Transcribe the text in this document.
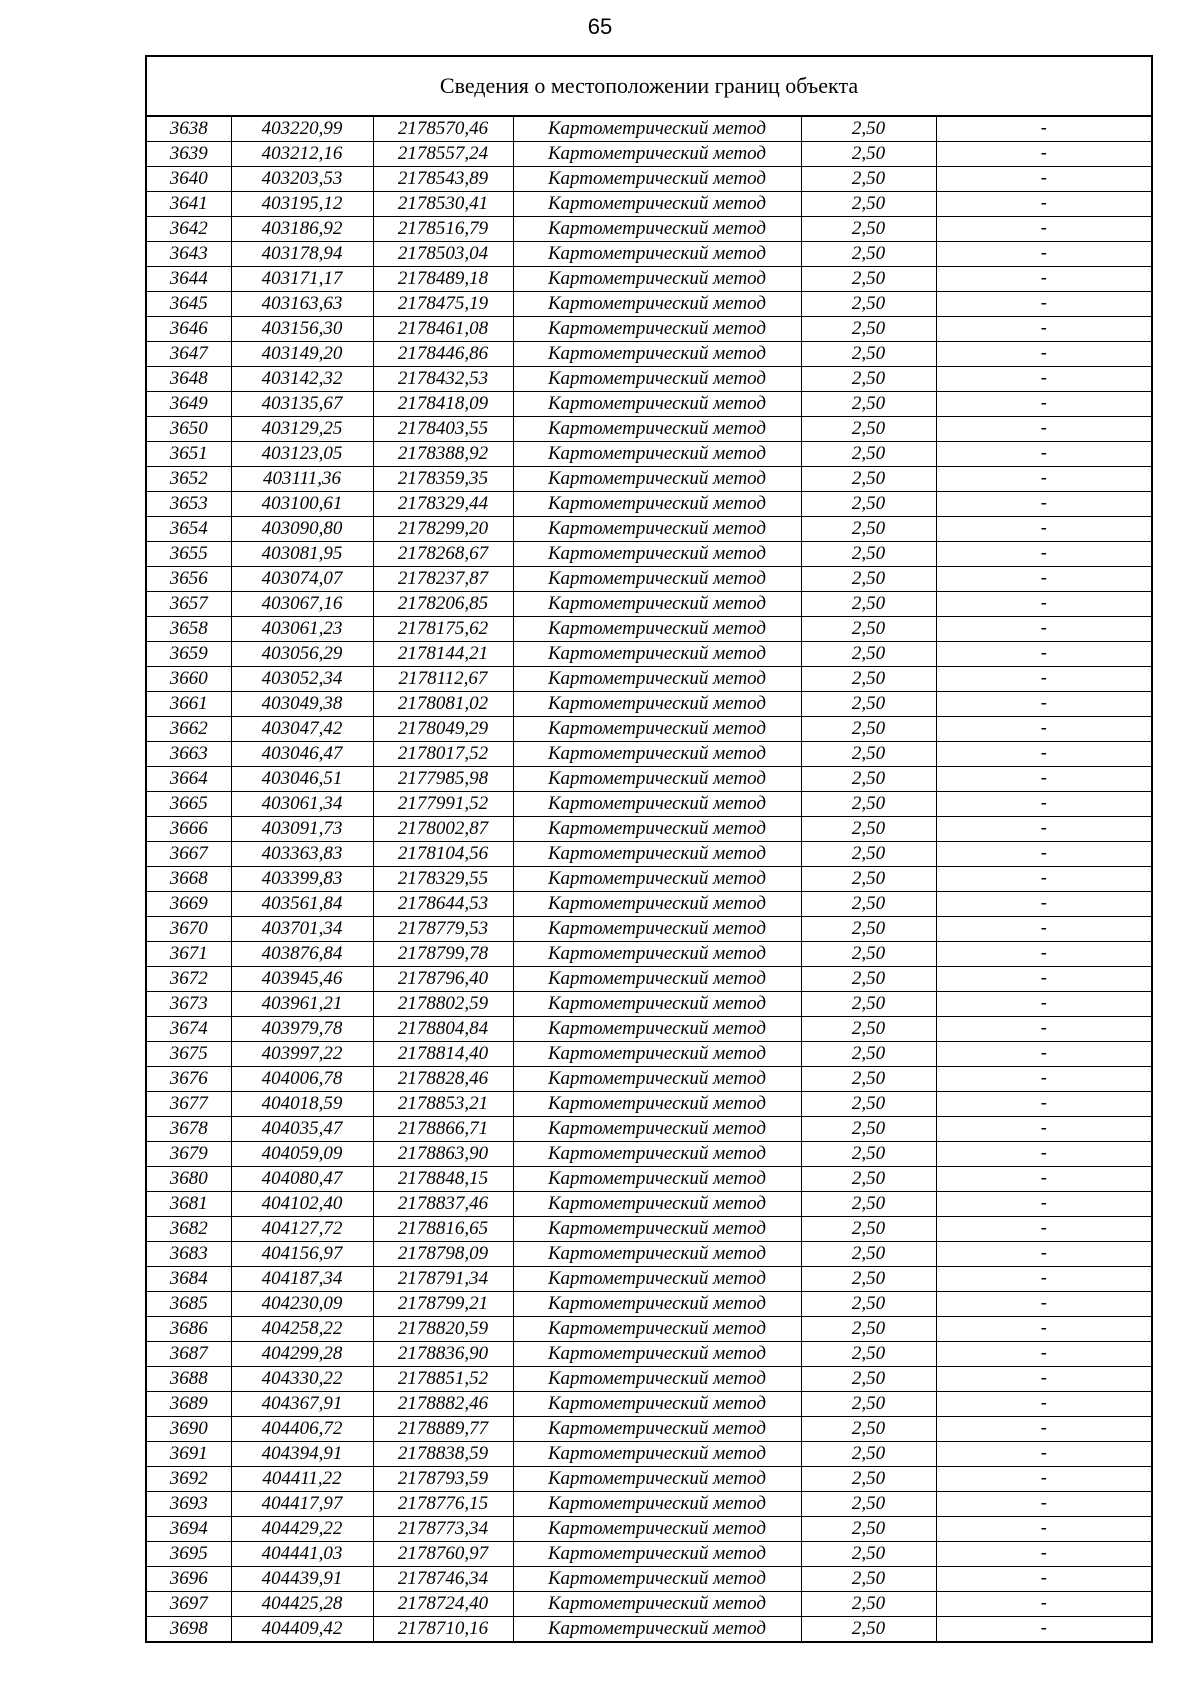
65
Сведения о местоположении границ объекта
3638	403220,99	2178570,46	Картометрический метод	2,50	-
3639	403212,16	2178557,24	Картометрический метод	2,50	-
3640	403203,53	2178543,89	Картометрический метод	2,50	-
3641	403195,12	2178530,41	Картометрический метод	2,50	-
3642	403186,92	2178516,79	Картометрический метод	2,50	-
3643	403178,94	2178503,04	Картометрический метод	2,50	-
3644	403171,17	2178489,18	Картометрический метод	2,50	-
3645	403163,63	2178475,19	Картометрический метод	2,50	-
3646	403156,30	2178461,08	Картометрический метод	2,50	-
3647	403149,20	2178446,86	Картометрический метод	2,50	-
3648	403142,32	2178432,53	Картометрический метод	2,50	-
3649	403135,67	2178418,09	Картометрический метод	2,50	-
3650	403129,25	2178403,55	Картометрический метод	2,50	-
3651	403123,05	2178388,92	Картометрический метод	2,50	-
3652	403111,36	2178359,35	Картометрический метод	2,50	-
3653	403100,61	2178329,44	Картометрический метод	2,50	-
3654	403090,80	2178299,20	Картометрический метод	2,50	-
3655	403081,95	2178268,67	Картометрический метод	2,50	-
3656	403074,07	2178237,87	Картометрический метод	2,50	-
3657	403067,16	2178206,85	Картометрический метод	2,50	-
3658	403061,23	2178175,62	Картометрический метод	2,50	-
3659	403056,29	2178144,21	Картометрический метод	2,50	-
3660	403052,34	2178112,67	Картометрический метод	2,50	-
3661	403049,38	2178081,02	Картометрический метод	2,50	-
3662	403047,42	2178049,29	Картометрический метод	2,50	-
3663	403046,47	2178017,52	Картометрический метод	2,50	-
3664	403046,51	2177985,98	Картометрический метод	2,50	-
3665	403061,34	2177991,52	Картометрический метод	2,50	-
3666	403091,73	2178002,87	Картометрический метод	2,50	-
3667	403363,83	2178104,56	Картометрический метод	2,50	-
3668	403399,83	2178329,55	Картометрический метод	2,50	-
3669	403561,84	2178644,53	Картометрический метод	2,50	-
3670	403701,34	2178779,53	Картометрический метод	2,50	-
3671	403876,84	2178799,78	Картометрический метод	2,50	-
3672	403945,46	2178796,40	Картометрический метод	2,50	-
3673	403961,21	2178802,59	Картометрический метод	2,50	-
3674	403979,78	2178804,84	Картометрический метод	2,50	-
3675	403997,22	2178814,40	Картометрический метод	2,50	-
3676	404006,78	2178828,46	Картометрический метод	2,50	-
3677	404018,59	2178853,21	Картометрический метод	2,50	-
3678	404035,47	2178866,71	Картометрический метод	2,50	-
3679	404059,09	2178863,90	Картометрический метод	2,50	-
3680	404080,47	2178848,15	Картометрический метод	2,50	-
3681	404102,40	2178837,46	Картометрический метод	2,50	-
3682	404127,72	2178816,65	Картометрический метод	2,50	-
3683	404156,97	2178798,09	Картометрический метод	2,50	-
3684	404187,34	2178791,34	Картометрический метод	2,50	-
3685	404230,09	2178799,21	Картометрический метод	2,50	-
3686	404258,22	2178820,59	Картометрический метод	2,50	-
3687	404299,28	2178836,90	Картометрический метод	2,50	-
3688	404330,22	2178851,52	Картометрический метод	2,50	-
3689	404367,91	2178882,46	Картометрический метод	2,50	-
3690	404406,72	2178889,77	Картометрический метод	2,50	-
3691	404394,91	2178838,59	Картометрический метод	2,50	-
3692	404411,22	2178793,59	Картометрический метод	2,50	-
3693	404417,97	2178776,15	Картометрический метод	2,50	-
3694	404429,22	2178773,34	Картометрический метод	2,50	-
3695	404441,03	2178760,97	Картометрический метод	2,50	-
3696	404439,91	2178746,34	Картометрический метод	2,50	-
3697	404425,28	2178724,40	Картометрический метод	2,50	-
3698	404409,42	2178710,16	Картометрический метод	2,50	-
